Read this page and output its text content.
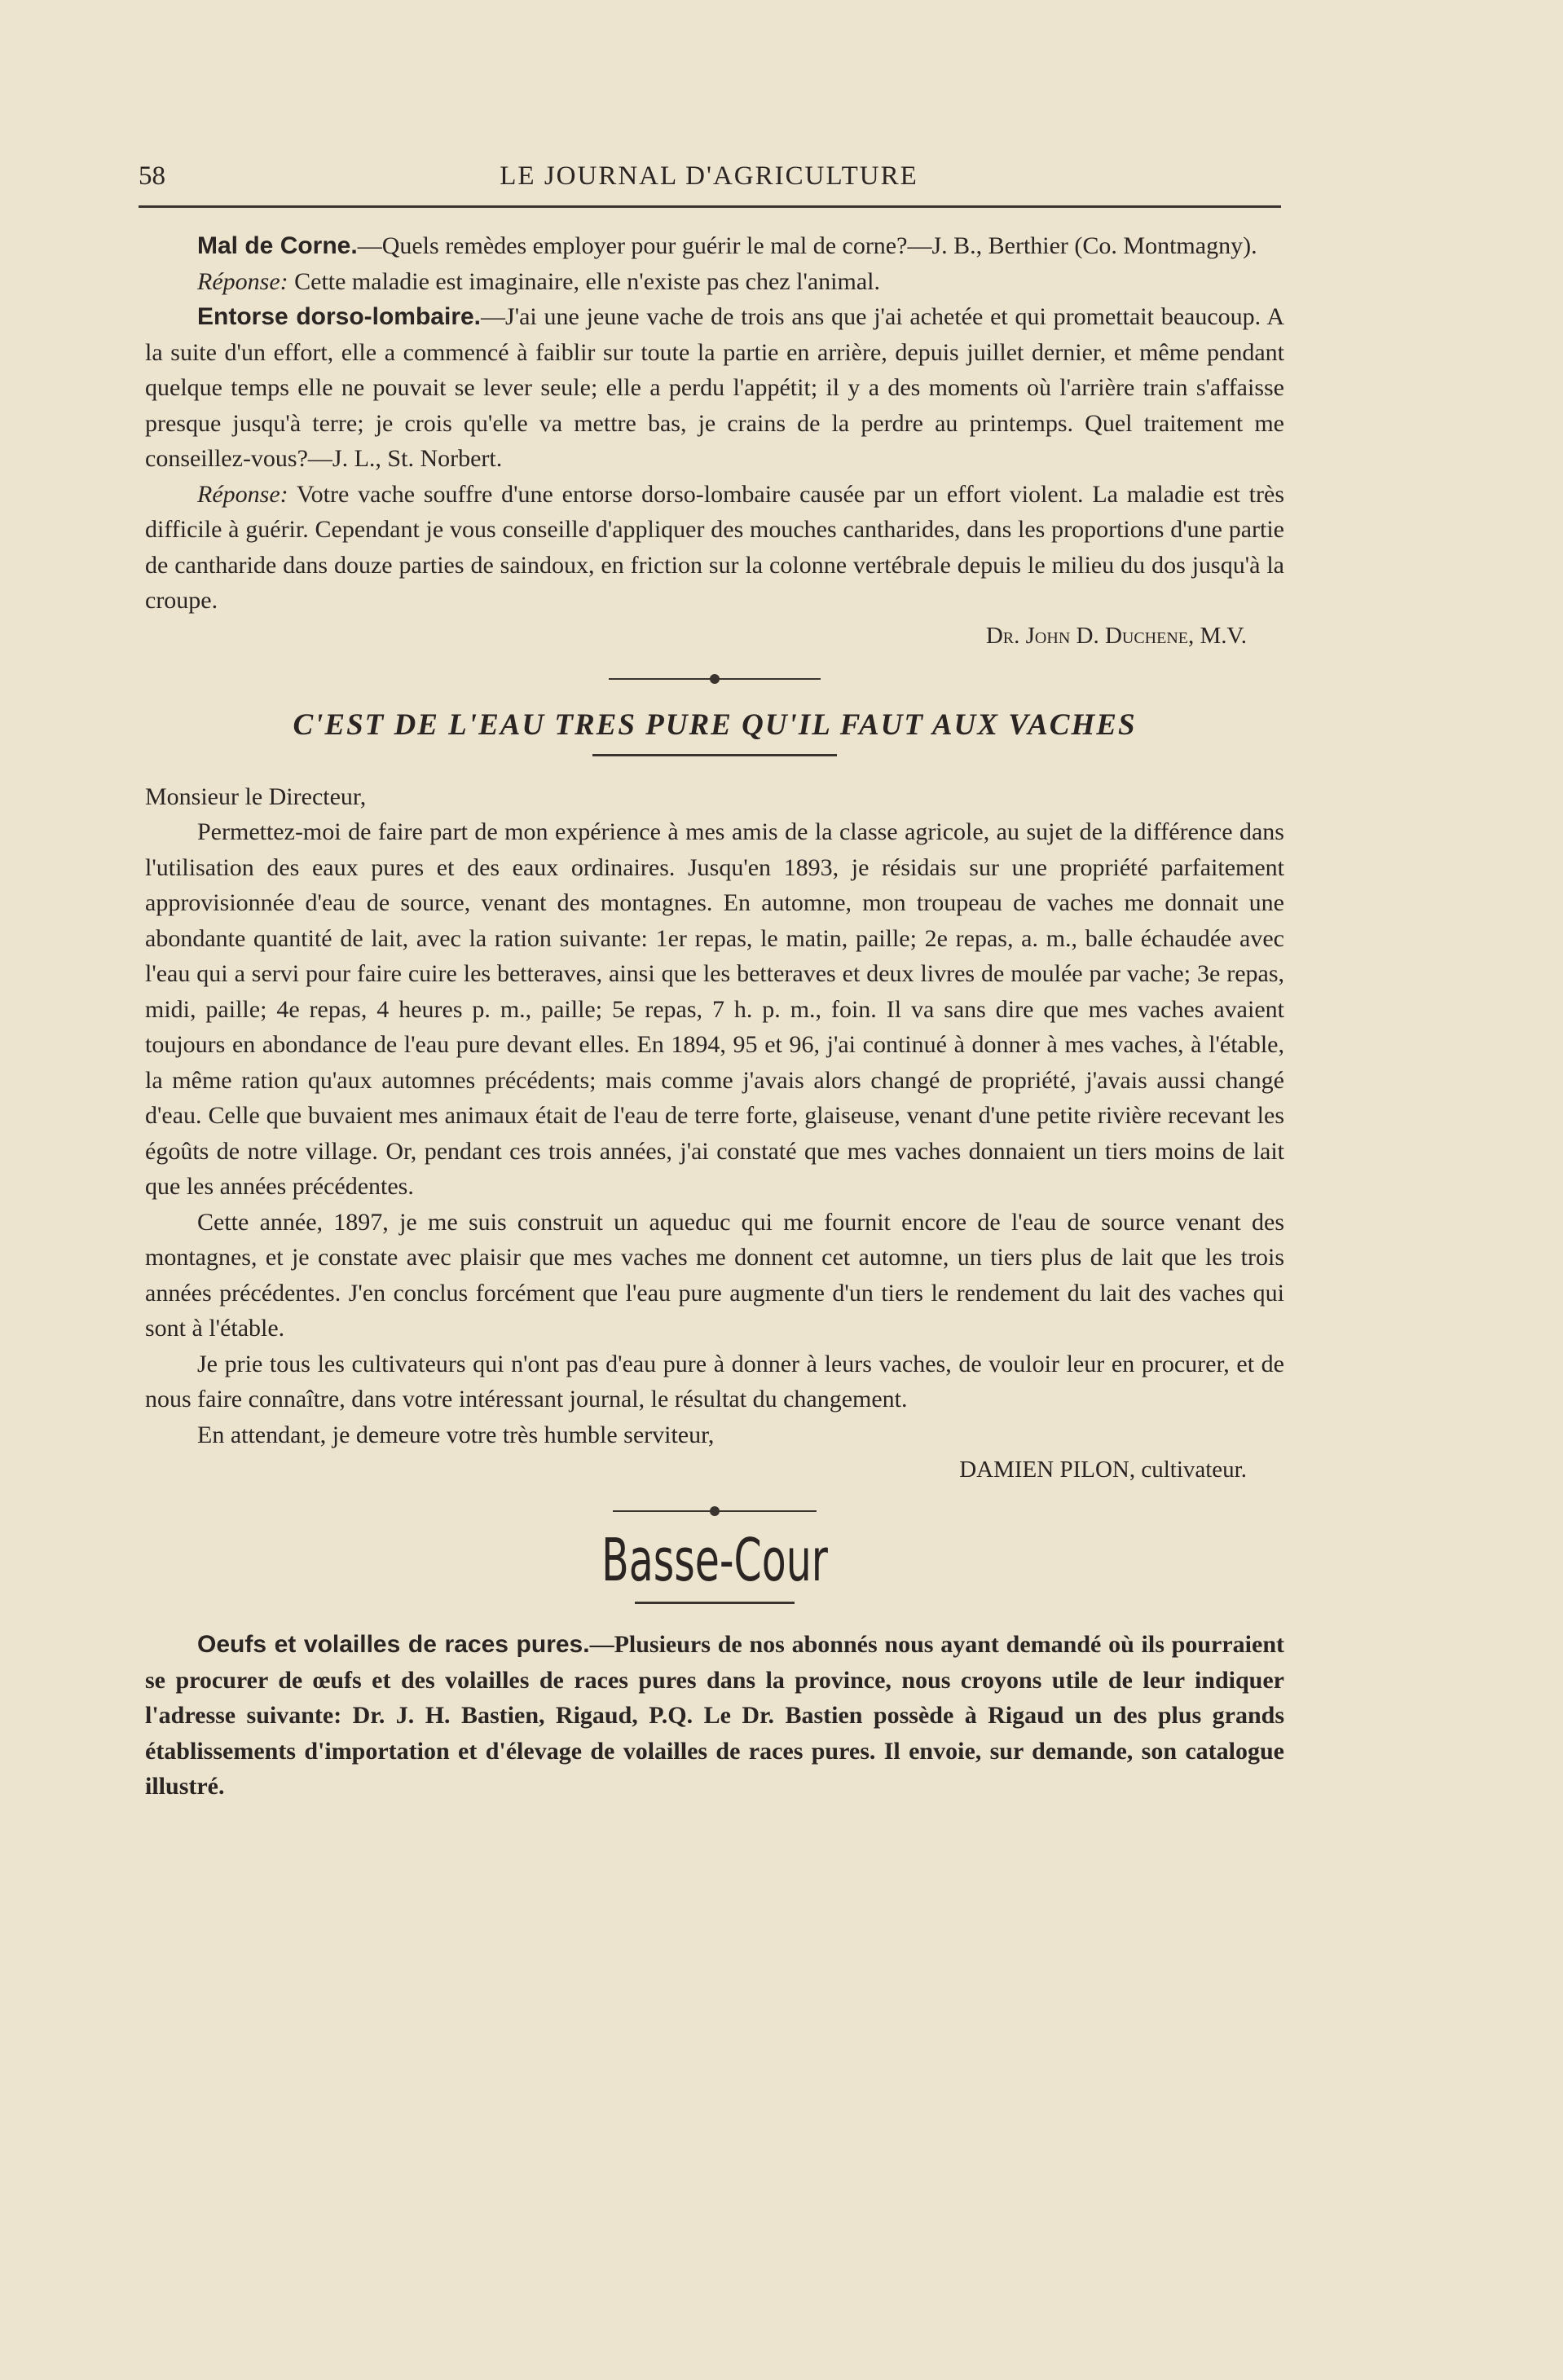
58	LE JOURNAL D'AGRICULTURE

Mal de Corne.—Quels remèdes employer pour guérir le mal de corne?—J. B., Berthier (Co. Montmagny).

Réponse: Cette maladie est imaginaire, elle n'existe pas chez l'animal.

Entorse dorso-lombaire.—J'ai une jeune vache de trois ans que j'ai achetée et qui promettait beaucoup. A la suite d'un effort, elle a commencé à faiblir sur toute la partie en arrière, depuis juillet dernier, et même pendant quelque temps elle ne pouvait se lever seule; elle a perdu l'appétit; il y a des moments où l'arrière train s'affaisse presque jusqu'à terre; je crois qu'elle va mettre bas, je crains de la perdre au printemps. Quel traitement me conseillez-vous?—J. L., St. Norbert.

Réponse: Votre vache souffre d'une entorse dorso-lombaire causée par un effort violent. La maladie est très difficile à guérir. Cependant je vous conseille d'appliquer des mouches cantharides, dans les proportions d'une partie de cantharide dans douze parties de saindoux, en friction sur la colonne vertébrale depuis le milieu du dos jusqu'à la croupe.

Dr. John D. Duchene, M.V.

C'EST DE L'EAU TRES PURE QU'IL FAUT AUX VACHES

Monsieur le Directeur,

Permettez-moi de faire part de mon expérience à mes amis de la classe agricole, au sujet de la différence dans l'utilisation des eaux pures et des eaux ordinaires. Jusqu'en 1893, je résidais sur une propriété parfaitement approvisionnée d'eau de source, venant des montagnes. En automne, mon troupeau de vaches me donnait une abondante quantité de lait, avec la ration suivante: 1er repas, le matin, paille; 2e repas, a. m., balle échaudée avec l'eau qui a servi pour faire cuire les betteraves, ainsi que les betteraves et deux livres de moulée par vache; 3e repas, midi, paille; 4e repas, 4 heures p. m., paille; 5e repas, 7 h. p. m., foin. Il va sans dire que mes vaches avaient toujours en abondance de l'eau pure devant elles. En 1894, 95 et 96, j'ai continué à donner à mes vaches, à l'étable, la même ration qu'aux automnes précédents; mais comme j'avais alors changé de propriété, j'avais aussi changé d'eau. Celle que buvaient mes animaux était de l'eau de terre forte, glaiseuse, venant d'une petite rivière recevant les égoûts de notre village. Or, pendant ces trois années, j'ai constaté que mes vaches donnaient un tiers moins de lait que les années précédentes.

Cette année, 1897, je me suis construit un aqueduc qui me fournit encore de l'eau de source venant des montagnes, et je constate avec plaisir que mes vaches me donnent cet automne, un tiers plus de lait que les trois années précédentes. J'en conclus forcément que l'eau pure augmente d'un tiers le rendement du lait des vaches qui sont à l'étable.

Je prie tous les cultivateurs qui n'ont pas d'eau pure à donner à leurs vaches, de vouloir leur en procurer, et de nous faire connaître, dans votre intéressant journal, le résultat du changement.

En attendant, je demeure votre très humble serviteur,

DAMIEN PILON, cultivateur.

Basse-Cour

Oeufs et volailles de races pures.—Plusieurs de nos abonnés nous ayant demandé où ils pourraient se procurer de œufs et des volailles de races pures dans la province, nous croyons utile de leur indiquer l'adresse suivante: Dr. J. H. Bastien, Rigaud, P.Q. Le Dr. Bastien possède à Rigaud un des plus grands établissements d'importation et d'élevage de volailles de races pures. Il envoie, sur demande, son catalogue illustré.
